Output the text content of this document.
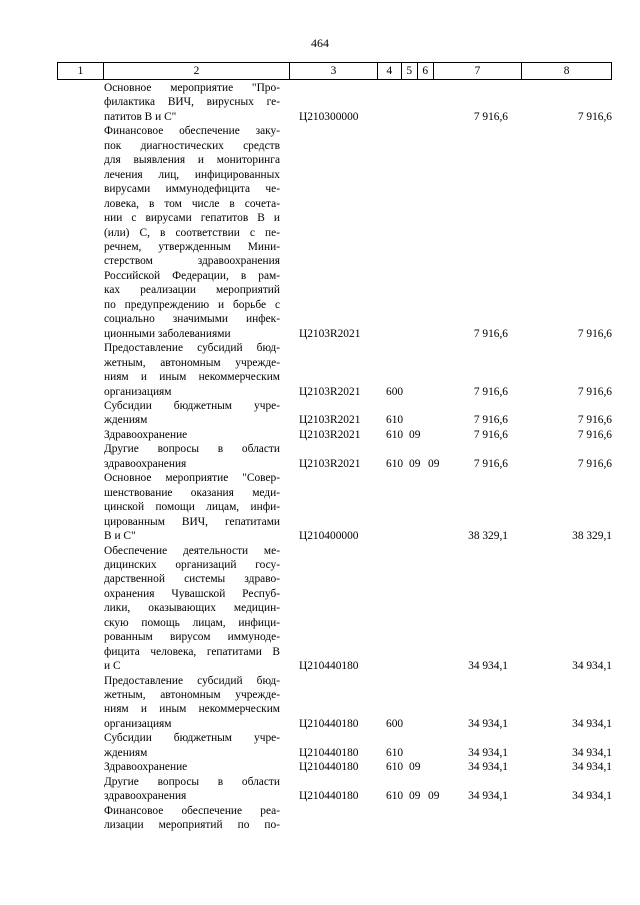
464
1	2	3	4	5 6	7	8
Основное мероприятие "Про-
филактика ВИЧ, вирусных ге-
патитов В и С"	Ц210300000	7 916,6	7 916,6
Финансовое обеспечение заку-
пок диагностических средств
для выявления и мониторинга
лечения лиц, инфицированных
вирусами иммунодефицита че-
ловека, в том числе в сочета-
нии с вирусами гепатитов В и
(или) С, в соответствии с пе-
речнем, утвержденным Мини-
стерством здравоохранения
Российской Федерации, в рам-
ках реализации мероприятий
по предупреждению и борьбе с
социально значимыми инфек-
ционными заболеваниями	Ц2103R2021	7 916,6	7 916,6
Предоставление субсидий бюд-
жетным, автономным учрежде-
ниям и иным некоммерческим
организациям	Ц2103R2021 600	7 916,6	7 916,6
Субсидии бюджетным учре-
ждениям	Ц2103R2021 610	7 916,6	7 916,6
Здравоохранение	Ц2103R2021 610 09	7 916,6	7 916,6
Другие вопросы в области
здравоохранения	Ц2103R2021 610 09 09	7 916,6	7 916,6
Основное мероприятие "Совер-
шенствование оказания меди-
цинской помощи лицам, инфи-
цированным ВИЧ, гепатитами
В и С"	Ц210400000	38 329,1	38 329,1
Обеспечение деятельности ме-
дицинских организаций госу-
дарственной системы здраво-
охранения Чувашской Респуб-
лики, оказывающих медицин-
скую помощь лицам, инфици-
рованным вирусом иммуноде-
фицита человека, гепатитами В
и С	Ц210440180	34 934,1	34 934,1
Предоставление субсидий бюд-
жетным, автономным учрежде-
ниям и иным некоммерческим
организациям	Ц210440180 600	34 934,1	34 934,1
Субсидии бюджетным учре-
ждениям	Ц210440180 610	34 934,1	34 934,1
Здравоохранение	Ц210440180 610 09	34 934,1	34 934,1
Другие вопросы в области
здравоохранения	Ц210440180 610 09 09	34 934,1	34 934,1
Финансовое обеспечение реа-
лизации мероприятий по по-
